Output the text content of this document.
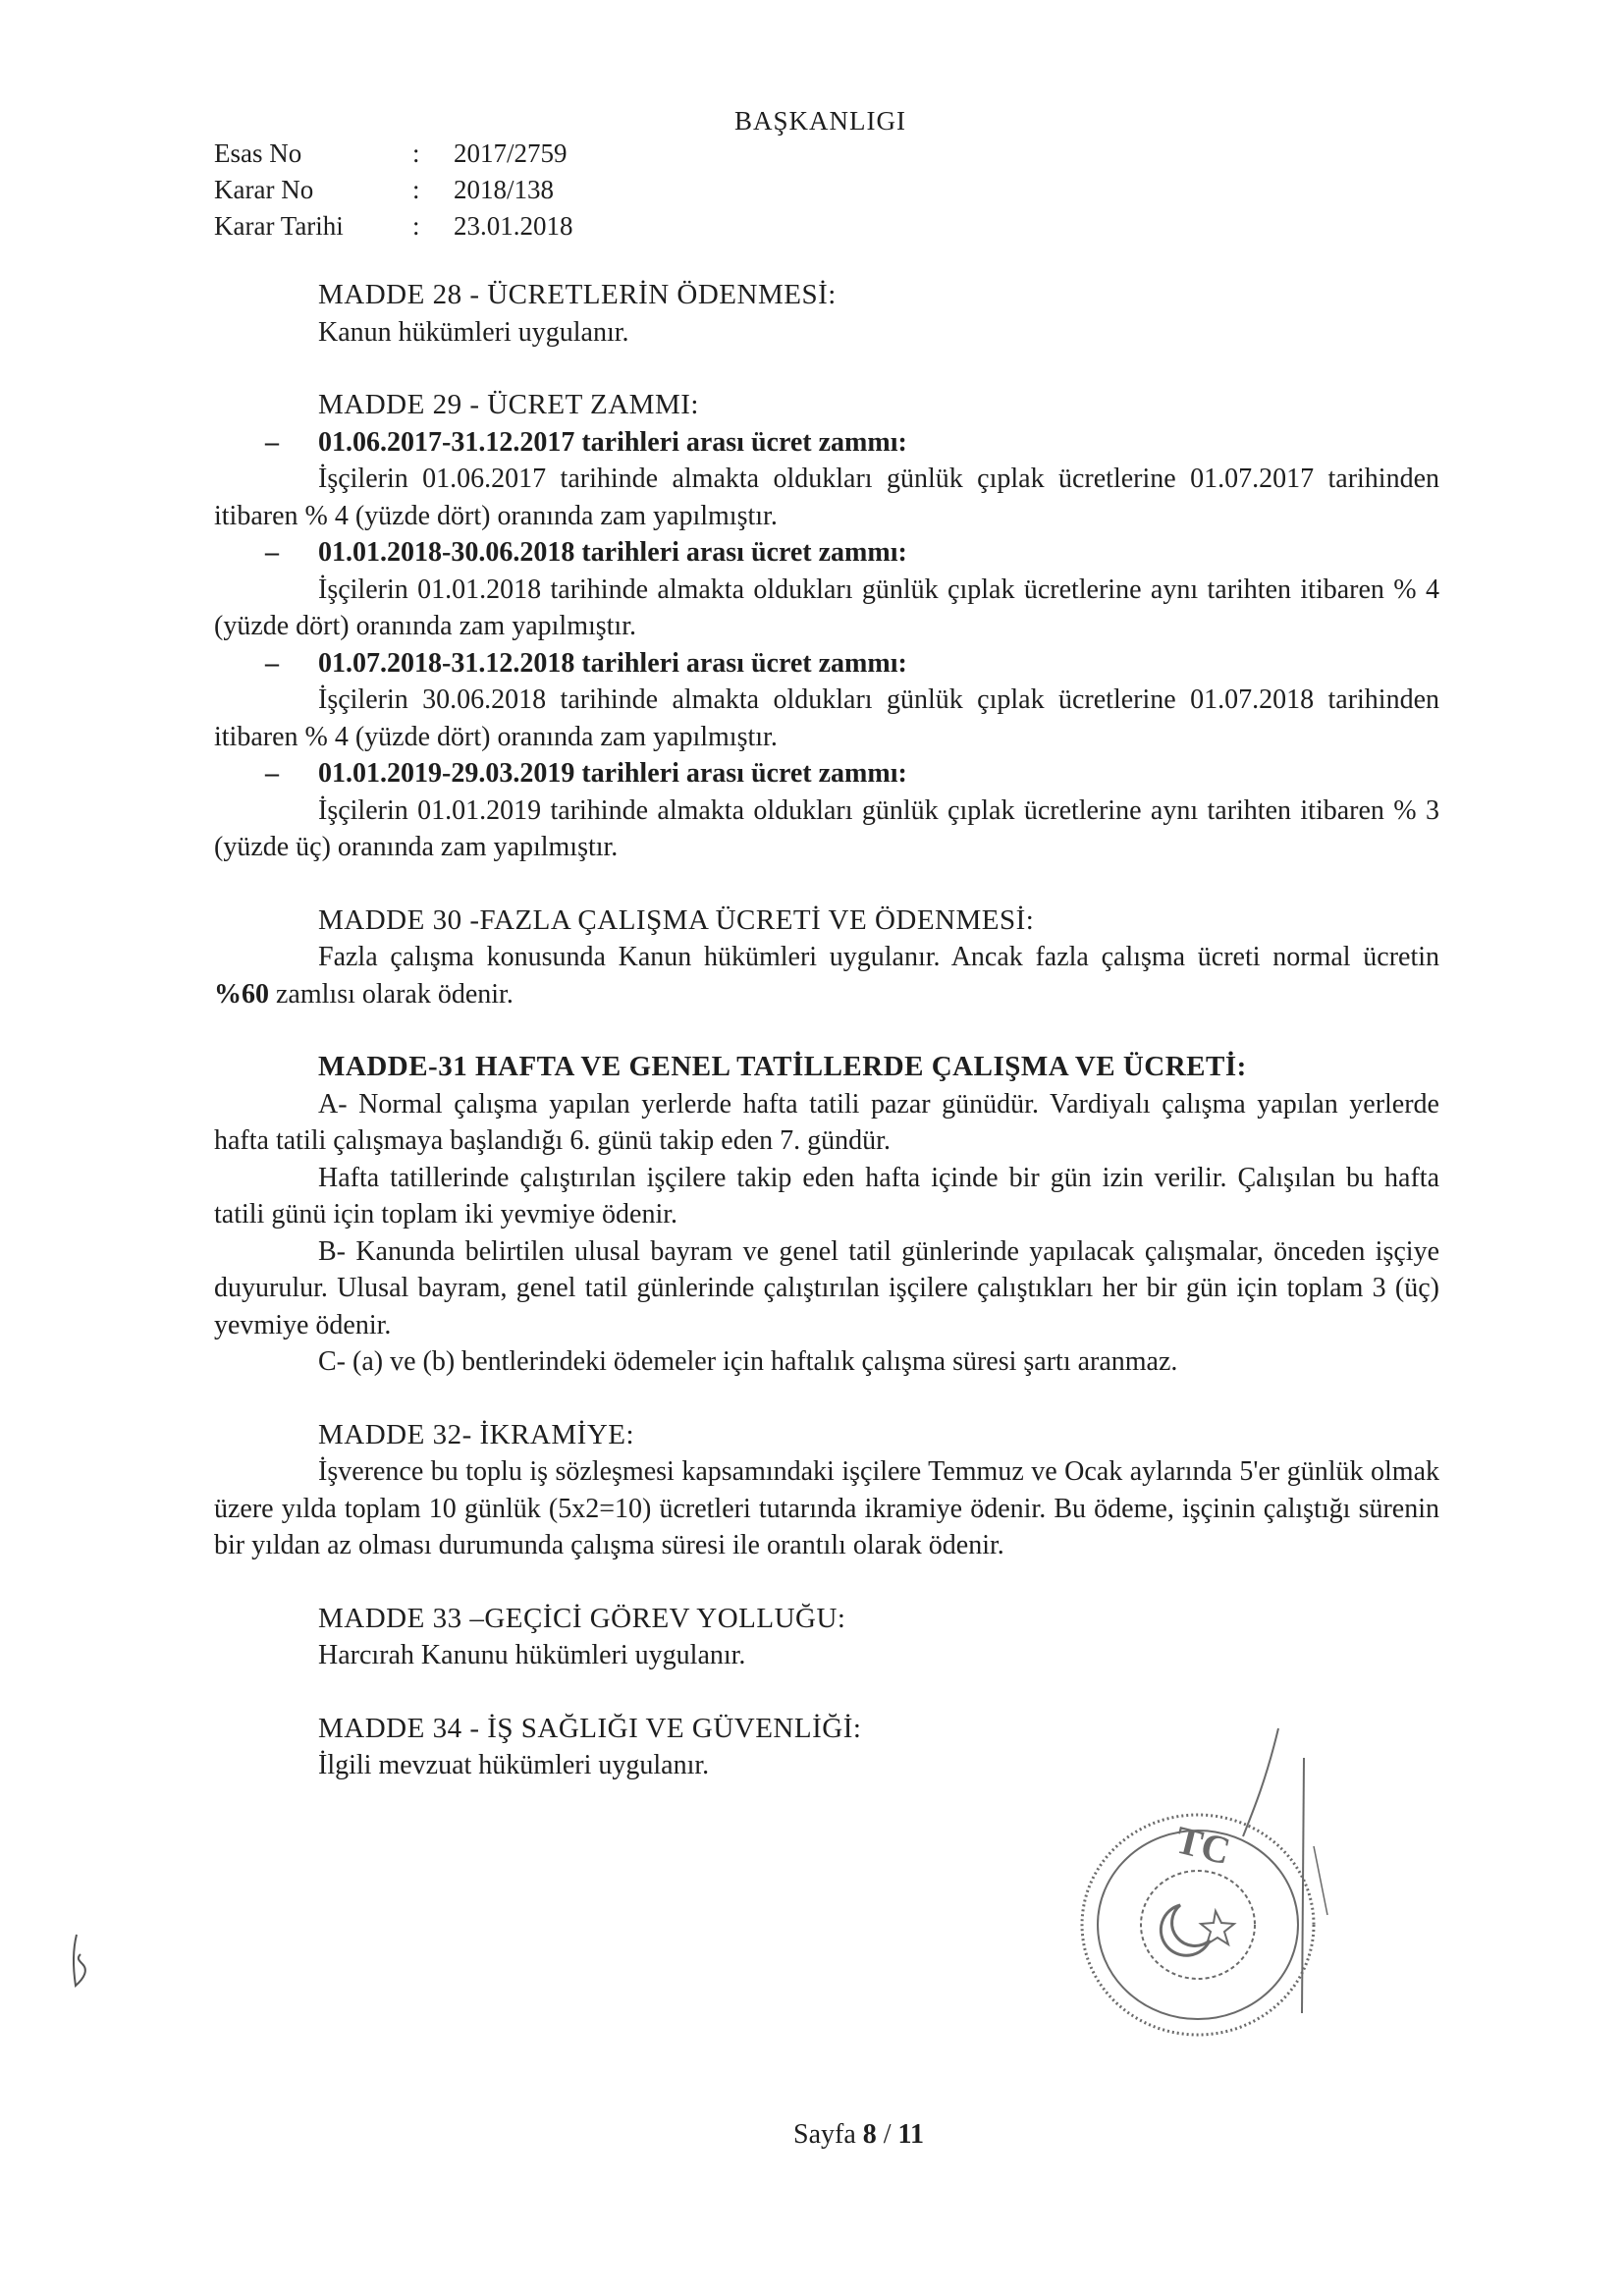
BAŞKANLIGI
Esas No	:	2017/2759
Karar No	:	2018/138
Karar Tarihi	:	23.01.2018
MADDE 28 - ÜCRETLERİN ÖDENMESİ:

Kanun hükümleri uygulanır.

MADDE 29 - ÜCRET ZAMMI:
–	01.06.2017-31.12.2017 tarihleri arası ücret zammı:

İşçilerin 01.06.2017 tarihinde almakta oldukları günlük çıplak ücretlerine 01.07.2017 tarihinden itibaren % 4 (yüzde dört) oranında zam yapılmıştır.

–	01.01.2018-30.06.2018 tarihleri arası ücret zammı:

İşçilerin 01.01.2018 tarihinde almakta oldukları günlük çıplak ücretlerine aynı tarihten itibaren % 4 (yüzde dört) oranında zam yapılmıştır.

–	01.07.2018-31.12.2018 tarihleri arası ücret zammı:

İşçilerin 30.06.2018 tarihinde almakta oldukları günlük çıplak ücretlerine 01.07.2018 tarihinden itibaren % 4 (yüzde dört) oranında zam yapılmıştır.

–	01.01.2019-29.03.2019 tarihleri arası ücret zammı:

İşçilerin 01.01.2019 tarihinde almakta oldukları günlük çıplak ücretlerine aynı tarihten itibaren % 3 (yüzde üç) oranında zam yapılmıştır.

MADDE 30 -FAZLA ÇALIŞMA ÜCRETİ VE ÖDENMESİ:

Fazla çalışma konusunda Kanun hükümleri uygulanır. Ancak fazla çalışma ücreti normal ücretin %60 zamlısı olarak ödenir.

MADDE-31 HAFTA VE GENEL TATİLLERDE ÇALIŞMA VE ÜCRETİ:

A- Normal çalışma yapılan yerlerde hafta tatili pazar günüdür. Vardiyalı çalışma yapılan yerlerde hafta tatili çalışmaya başlandığı 6. günü takip eden 7. gündür.

Hafta tatillerinde çalıştırılan işçilere takip eden hafta içinde bir gün izin verilir. Çalışılan bu hafta tatili günü için toplam iki yevmiye ödenir.

B- Kanunda belirtilen ulusal bayram ve genel tatil günlerinde yapılacak çalışmalar, önceden işçiye duyurulur. Ulusal bayram, genel tatil günlerinde çalıştırılan işçilere çalıştıkları her bir gün için toplam 3 (üç) yevmiye ödenir.

C- (a) ve (b) bentlerindeki ödemeler için haftalık çalışma süresi şartı aranmaz.

MADDE 32- İKRAMİYE:

İşverence bu toplu iş sözleşmesi kapsamındaki işçilere Temmuz ve Ocak aylarında 5'er günlük olmak üzere yılda toplam 10 günlük (5x2=10) ücretleri tutarında ikramiye ödenir. Bu ödeme, işçinin çalıştığı sürenin bir yıldan az olması durumunda çalışma süresi ile orantılı olarak ödenir.

MADDE 33 –GEÇİCİ GÖREV YOLLUĞU:

Harcırah Kanunu hükümleri uygulanır.

MADDE 34 - İŞ SAĞLIĞI VE GÜVENLİĞİ:

İlgili mevzuat hükümleri uygulanır.

TC
Sayfa 8 / 11
